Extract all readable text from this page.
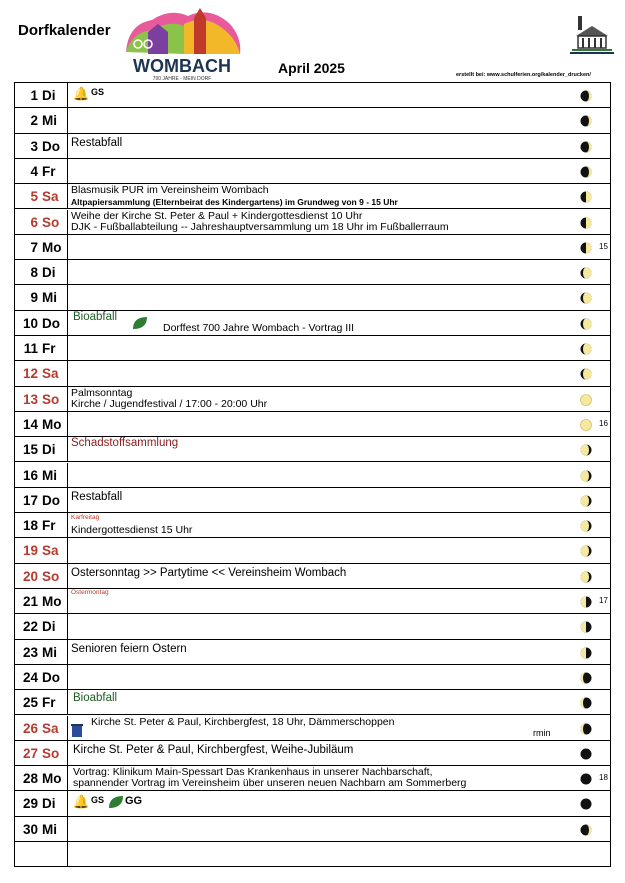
Dorfkalender
WOMBACH
700 JAHRE - MEIN DORF
April 2025	erstellt bei: www.schulferien.org/kalender_drucken/
1 Di 🔔 GS
2 Mi
3 Do Restabfall
4 Fr
5 Sa Blasmusik PUR im Vereinsheim Wombach
Altpapiersammlung (Elternbeirat des Kindergartens) im Grundweg von 9 - 15 Uhr
6 So Weihe der Kirche St. Peter & Paul + Kindergottesdienst 10 Uhr
DJK - Fußballabteilung -- Jahreshauptversammlung um 18 Uhr im Fußballerraum
7 Mo	15
8 Di
9 Mi
10 Do Bioabfall
Dorffest 700 Jahre Wombach - Vortrag III
11 Fr
12 Sa
13 So Palmsonntag
Kirche / Jugendfestival / 17:00 - 20:00 Uhr
14 Mo	16
15 Di Schadstoffsammlung
16 Mi
17 Do Restabfall
18 Fr
Karfreitag
Kindergottesdienst 15 Uhr
19 Sa
20 So Ostersonntag >> Partytime << Vereinsheim Wombach
21 Mo
Ostermontag
17
22 Di
23 Mi Senioren feiern Ostern
24 Do
25 Fr Bioabfall
26 Sa	Kirche St. Peter & Paul, Kirchbergfest, 18 Uhr, Dämmerschoppen
rmin
27 So Kirche St. Peter & Paul, Kirchbergfest, Weihe-Jubiläum
28 Mo Vortrag: Klinikum Main-Spessart Das Krankenhaus in unserer Nachbarschaft,
spannender Vortrag im Vereinsheim über unseren neuen Nachbarn am Sommerberg	18
29 Di 🔔 GS GG
30 Mi
